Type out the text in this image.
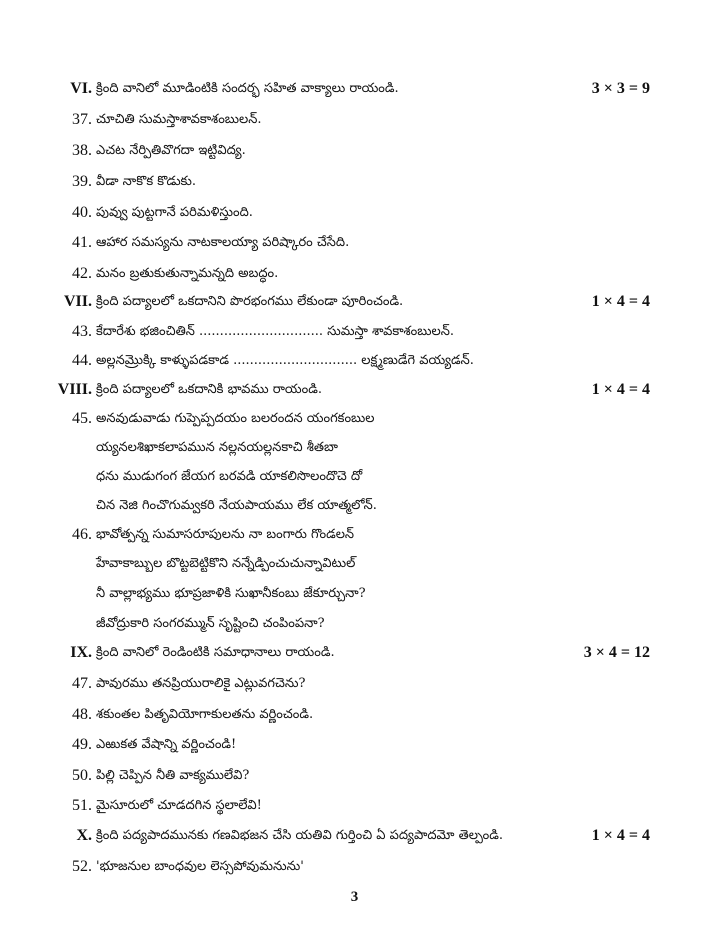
VI. క్రింది వానిలో మూడింటికి సందర్భ సహిత వాక్యాలు రాయండి.	3 × 3 = 9
37. చూచితి సుమస్తాశావకాశంబులన్.
38. ఎచట నేర్పితివొగదా ఇట్టివిద్య.
39. వీడా నాకొక కొడుకు.
40. పువ్వు పుట్టగానే పరిమళిస్తుంది.
41. ఆహార సమస్యను నాటకాలయ్యా పరిష్కారం చేసేది.
42. మనం బ్రతుకుతున్నామన్నది అబద్ధం.
VII. క్రింది పద్యాలలో ఒకదానిని పొరభంగము లేకుండా పూరించండి.	1 × 4 = 4
43. కేదారేశు భజించితిన్ .............................. సుమస్తా శావకాశంబులన్.
44. అల్లనమ్రొక్కి కాళ్ళుపడకాడ .............................. లక్ష్మణుడేగె వయ్యడన్.
VIII. క్రింది పద్యాలలో ఒకదానికి భావము రాయండి.	1 × 4 = 4
45. అనవుడువాడు గుప్పెప్పదయం బలరందన యంగకంబుల
య్యనలశిఖాకలాపమున నల్లనయల్లనకాచి శీతబా
ధను ముడుగంగ జేయగ బరవడి యాకలిసొలందొచె దో
చిన నెజి గించొగుమ్వకరి నేయపాయము లేక యాత్మలోన్.
46. భావోత్పన్న సుమాసరూపులను నా బంగారు గొండలన్
హేవాకాబ్బుల బొట్టబెట్టికొని నన్నేడ్పించుచున్నావిటుల్
నీ వాల్లాభ్యము భూప్రజాళికి సుఖానీకంబు జేకూర్చునా?
జీవోద్రుకారి సంగరమ్మున్ సృష్టించి చంపింపనా?
IX. క్రింది వానిలో రెండింటికి సమాధానాలు రాయండి.	3 × 4 = 12
47. పావురము తనప్రియురాలికై ఎట్లువగచెను?
48. శకుంతల పితృవియోగాకులతను వర్ణించండి.
49. ఎఱుకత వేషాన్ని వర్ణించండి!
50. పిల్లి చెప్పిన నీతి వాక్యములేవి?
51. మైసూరులో చూడదగిన స్థలాలేవి!
X. క్రింది పద్యపాదమునకు గణవిభజన చేసి యతివి గుర్తించి ఏ పద్యపాదమో తెల్పండి.	1 × 4 = 4
52. 'భూజనుల బాంధవుల లెస్సపోవుమనును'
3
